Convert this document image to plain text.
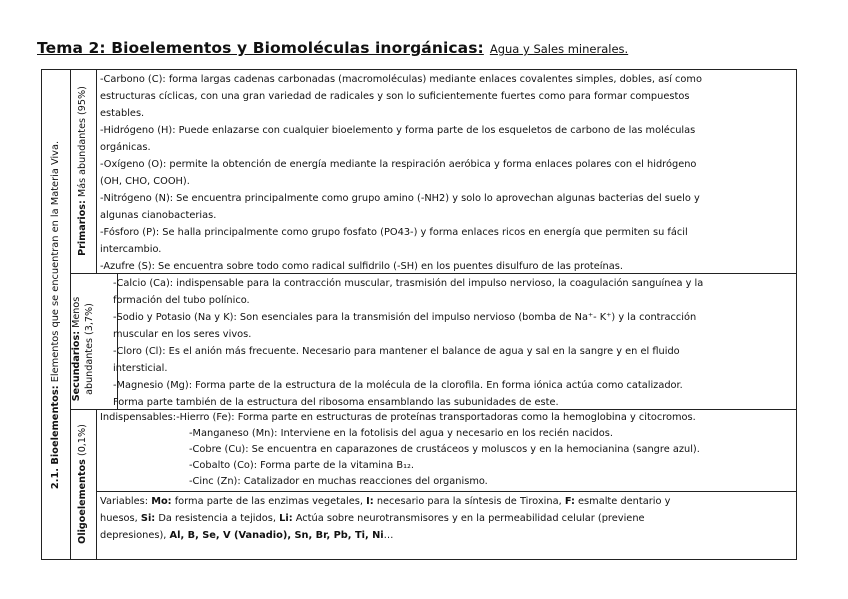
Tema 2: Bioelementos y Biomoléculas inorgánicas: Agua y Sales minerales.
2.1. Bioelementos: Elementos que se encuentran en la Materia Viva.	Primarios: Más abundantes (95%)

-Carbono (C): forma largas cadenas carbonadas (macromoléculas) mediante enlaces covalentes simples, dobles, así como

estructuras cíclicas, con una gran variedad de radicales y son lo suficientemente fuertes como para formar compuestos

estables.

-Hidrógeno (H): Puede enlazarse con cualquier bioelemento y forma parte de los esqueletos de carbono de las moléculas

orgánicas.

-Oxígeno (O): permite la obtención de energía mediante la respiración aeróbica y forma enlaces polares con el hidrógeno

(OH, CHO, COOH).

-Nitrógeno (N): Se encuentra principalmente como grupo amino (-NH2) y solo lo aprovechan algunas bacterias del suelo y

algunas cianobacterias.

-Fósforo (P): Se halla principalmente como grupo fosfato (PO43-) y forma enlaces ricos en energía que permiten su fácil

intercambio.

-Azufre (S): Se encuentra sobre todo como radical sulfidrilo (-SH) en los puentes disulfuro de las proteínas.

Secundarios: Menos abundantes (3,7%)

-Calcio (Ca): indispensable para la contracción muscular, trasmisión del impulso nervioso, la coagulación sanguínea y la

formación del tubo polínico.

-Sodio y Potasio (Na y K): Son esenciales para la transmisión del impulso nervioso (bomba de Na⁺- K⁺) y la contracción

muscular en los seres vivos.

-Cloro (Cl): Es el anión más frecuente. Necesario para mantener el balance de agua y sal en la sangre y en el fluido

intersticial.

-Magnesio (Mg): Forma parte de la estructura de la molécula de la clorofila. En forma iónica actúa como catalizador.

Forma parte también de la estructura del ribosoma ensamblando las subunidades de este.

Oligoelementos (0,1%)

Indispensables:-Hierro (Fe): Forma parte en estructuras de proteínas transportadoras como la hemoglobina y citocromos.

-Manganeso (Mn): Interviene en la fotolisis del agua y necesario en los recién nacidos.

-Cobre (Cu): Se encuentra en caparazones de crustáceos y moluscos y en la hemocianina (sangre azul).

-Cobalto (Co): Forma parte de la vitamina B₁₂.

-Cinc (Zn): Catalizador en muchas reacciones del organismo.

Variables: Mo: forma parte de las enzimas vegetales, I: necesario para la síntesis de Tiroxina, F: esmalte dentario y

huesos, Si: Da resistencia a tejidos, Li: Actúa sobre neurotransmisores y en la permeabilidad celular (previene

depresiones), Al, B, Se, V (Vanadio), Sn, Br, Pb, Ti, Ni…
